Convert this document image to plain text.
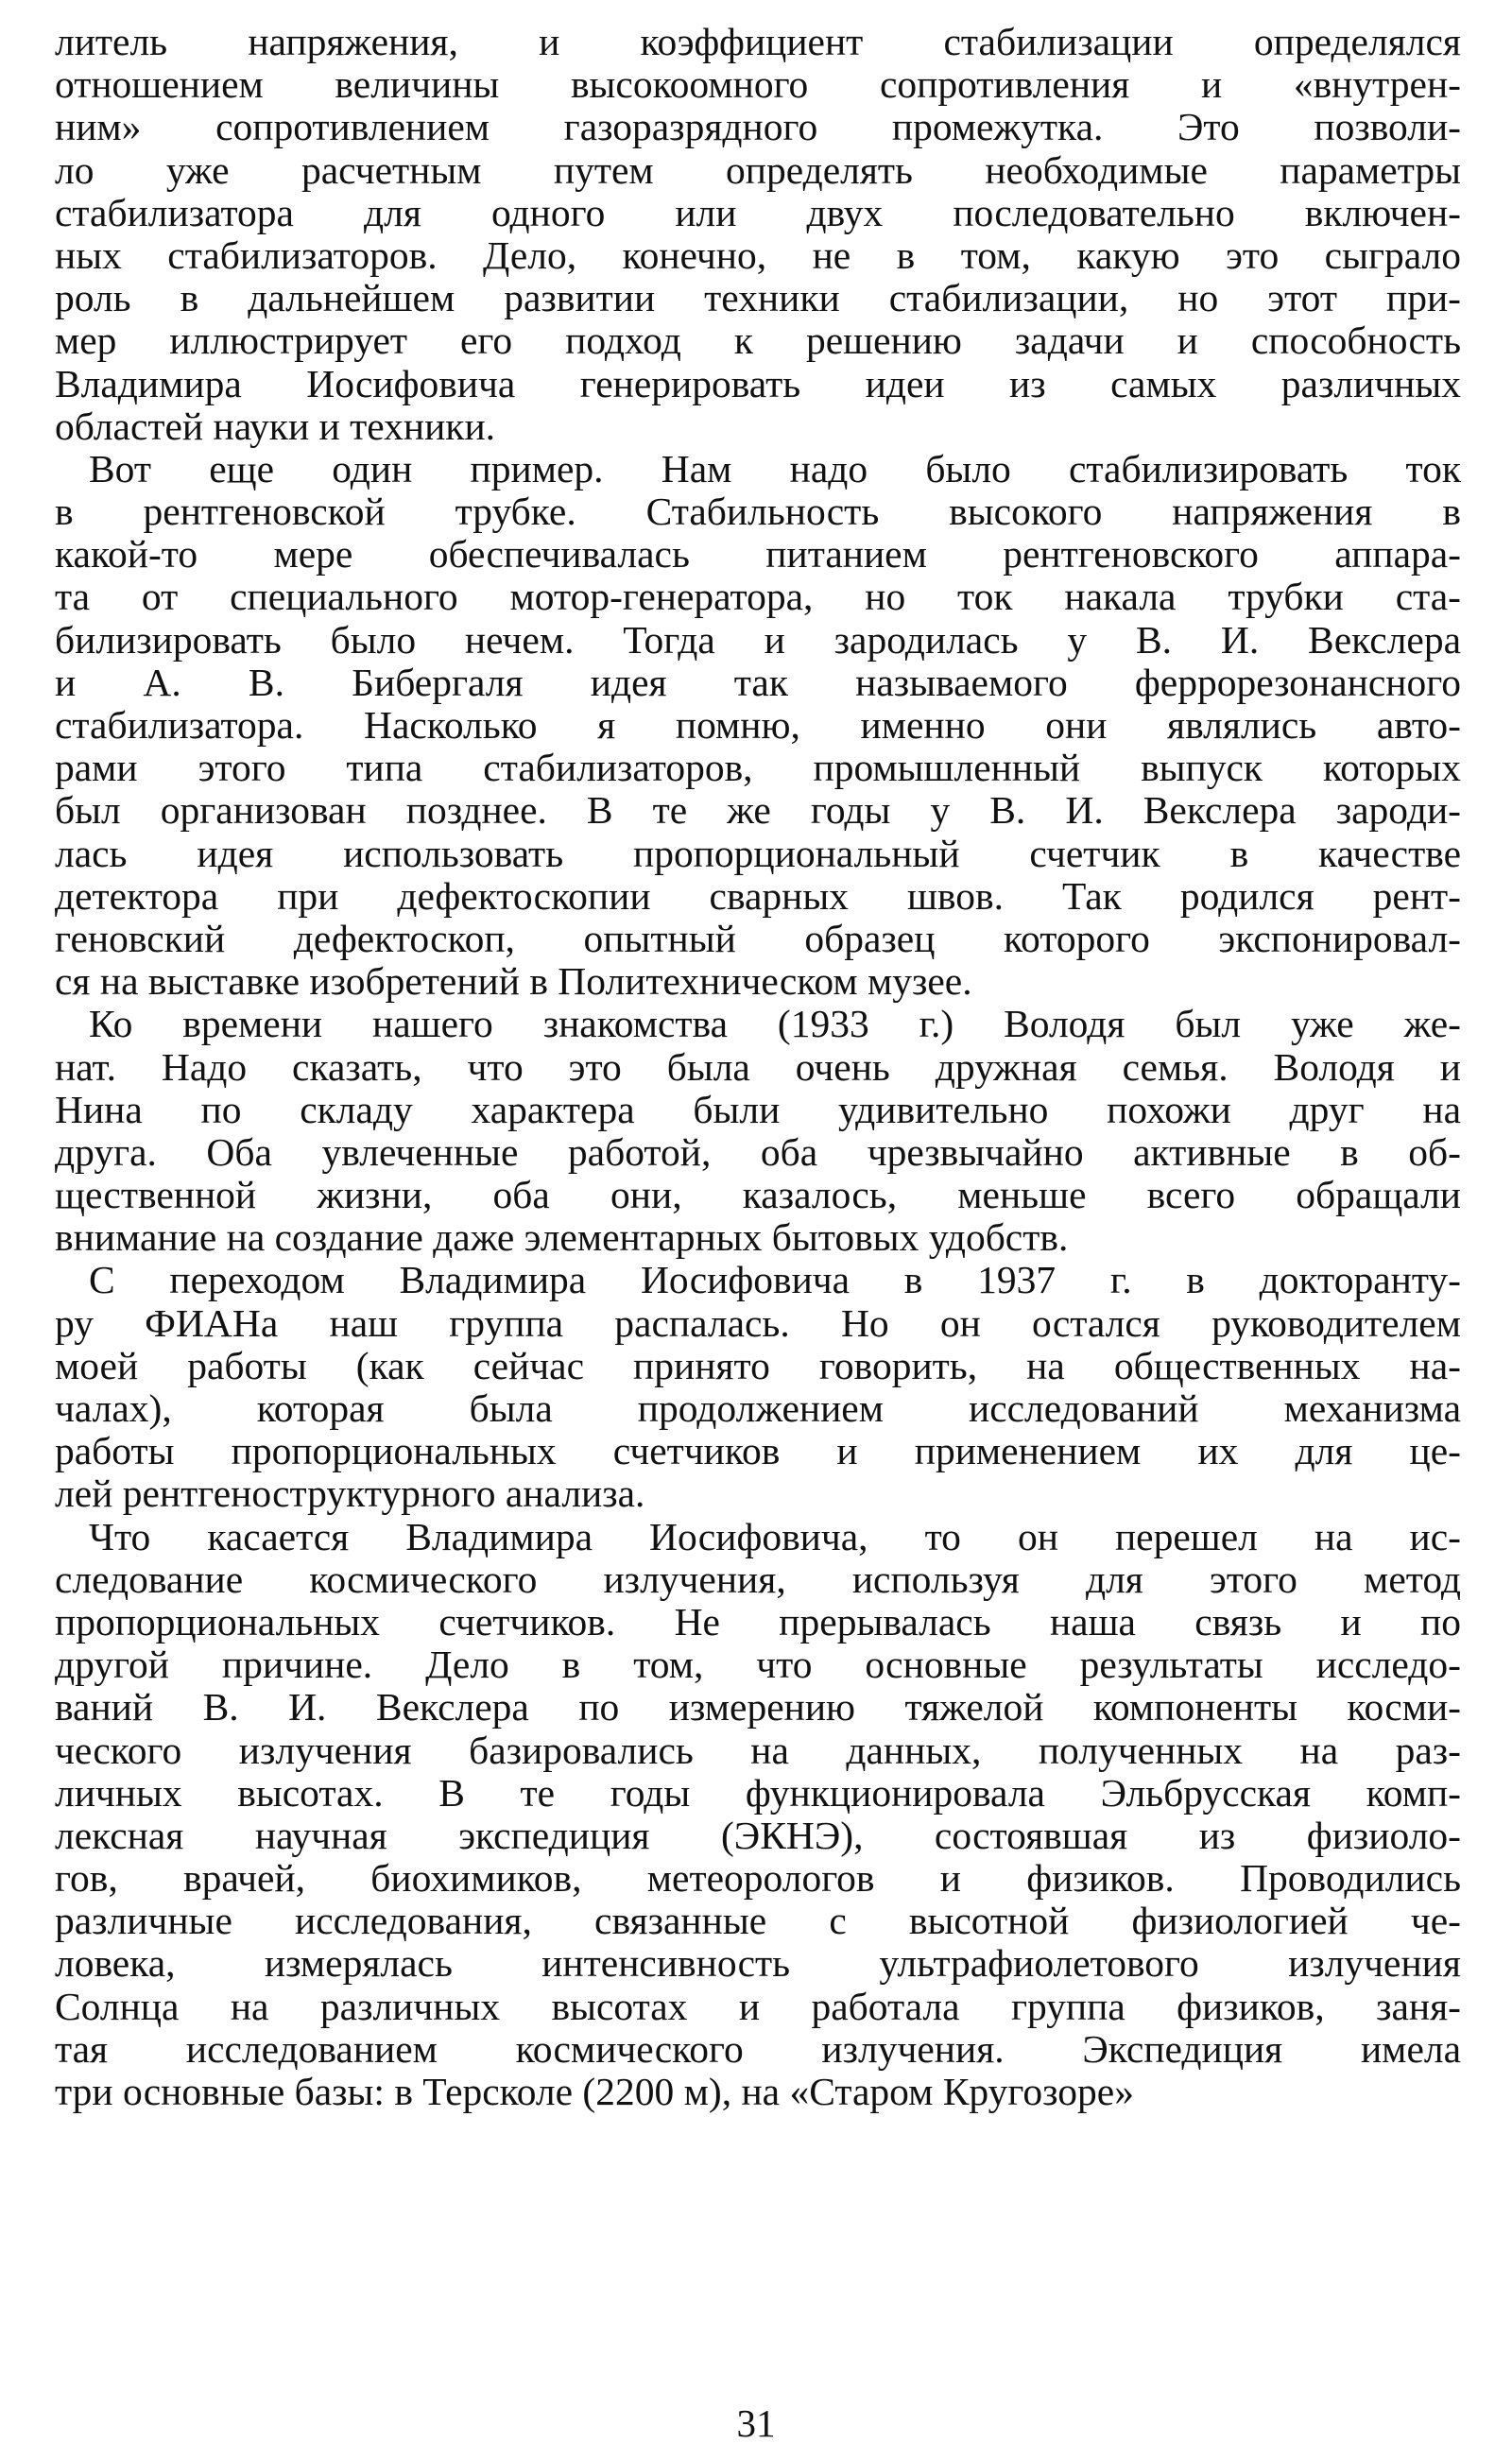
литель напряжения, и коэффициент стабилизации определялся
отношением величины высокоомного сопротивления и «внутрен-
ним» сопротивлением газоразрядного промежутка. Это позволи-
ло уже расчетным путем определять необходимые параметры
стабилизатора для одного или двух последовательно включен-
ных стабилизаторов. Дело, конечно, не в том, какую это сыграло
роль в дальнейшем развитии техники стабилизации, но этот при-
мер иллюстрирует его подход к решению задачи и способность
Владимира Иосифовича генерировать идеи из самых различных
областей науки и техники.
Вот еще один пример. Нам надо было стабилизировать ток
в рентгеновской трубке. Стабильность высокого напряжения в
какой-то мере обеспечивалась питанием рентгеновского аппара-
та от специального мотор-генератора, но ток накала трубки ста-
билизировать было нечем. Тогда и зародилась у В. И. Векслера
и А. В. Бибергаля идея так называемого феррорезонансного
стабилизатора. Насколько я помню, именно они являлись авто-
рами этого типа стабилизаторов, промышленный выпуск которых
был организован позднее. В те же годы у В. И. Векслера зароди-
лась идея использовать пропорциональный счетчик в качестве
детектора при дефектоскопии сварных швов. Так родился рент-
геновский дефектоскоп, опытный образец которого экспонировал-
ся на выставке изобретений в Политехническом музее.
Ко времени нашего знакомства (1933 г.) Володя был уже же-
нат. Надо сказать, что это была очень дружная семья. Володя и
Нина по складу характера были удивительно похожи друг на
друга. Оба увлеченные работой, оба чрезвычайно активные в об-
щественной жизни, оба они, казалось, меньше всего обращали
внимание на создание даже элементарных бытовых удобств.
С переходом Владимира Иосифовича в 1937 г. в докторанту-
ру ФИАНа наш группа распалась. Но он остался руководителем
моей работы (как сейчас принято говорить, на общественных на-
чалах), которая была продолжением исследований механизма
работы пропорциональных счетчиков и применением их для це-
лей рентгеноструктурного анализа.
Что касается Владимира Иосифовича, то он перешел на ис-
следование космического излучения, используя для этого метод
пропорциональных счетчиков. Не прерывалась наша связь и по
другой причине. Дело в том, что основные результаты исследо-
ваний В. И. Векслера по измерению тяжелой компоненты косми-
ческого излучения базировались на данных, полученных на раз-
личных высотах. В те годы функционировала Эльбрусская комп-
лексная научная экспедиция (ЭКНЭ), состоявшая из физиоло-
гов, врачей, биохимиков, метеорологов и физиков. Проводились
различные исследования, связанные с высотной физиологией че-
ловека, измерялась интенсивность ультрафиолетового излучения
Солнца на различных высотах и работала группа физиков, заня-
тая исследованием космического излучения. Экспедиция имела
три основные базы: в Терсколе (2200 м), на «Старом Кругозоре»
31
